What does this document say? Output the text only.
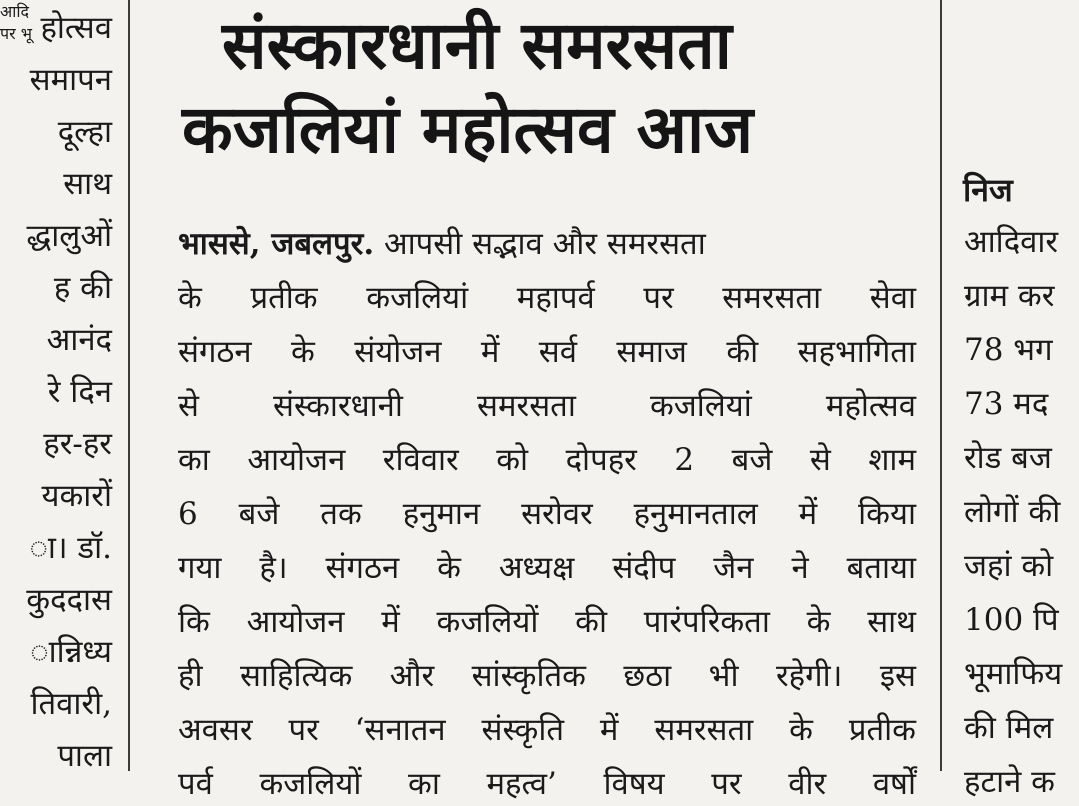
होत्सव
समापन
दूल्हा
साथ
द्धालुओं
ह की
आनंद
रे दिन
हर-हर
यकारों
ा। डॉ.
कुददास
ान्निध्य
तिवारी,
पाला
संस्कारधानी समरसता
कजलियां महोत्सव आज
भाससे, जबलपुर. आपसी सद्भाव और समरसता
के प्रतीक कजलियां महापर्व पर समरसता सेवा
संगठन के संयोजन में सर्व समाज की सहभागिता
से संस्कारधानी समरसता कजलियां महोत्सव
का आयोजन रविवार को दोपहर 2 बजे से शाम
6 बजे तक हनुमान सरोवर हनुमानताल में किया
गया है। संगठन के अध्यक्ष संदीप जैन ने बताया
कि आयोजन में कजलियों की पारंपरिकता के साथ
ही साहित्यिक और सांस्कृतिक छठा भी रहेगी। इस
अवसर पर ‘सनातन संस्कृति में समरसता के प्रतीक
पर्व कजलियों का महत्व’ विषय पर वीर वर्षों
आदि
पर भू
निज
आदिवार
ग्राम कर
78 भग
73 मद
रोड बज
लोगों की
जहां को
100 पि
भूमाफिय
की मिल
हटाने क
